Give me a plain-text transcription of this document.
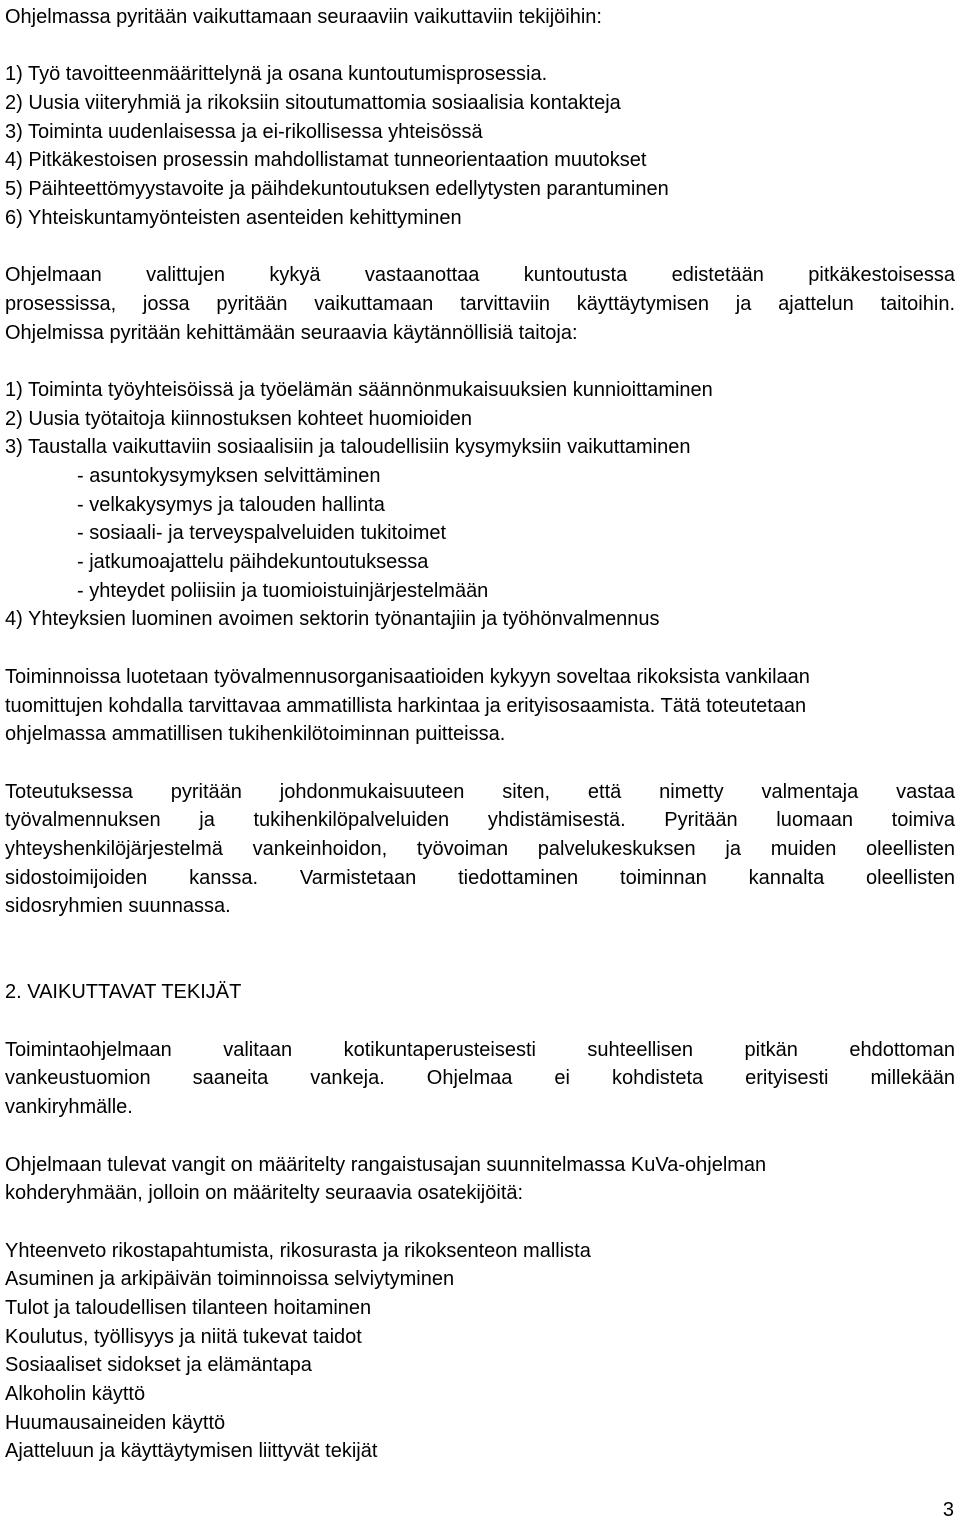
Ohjelmassa pyritään vaikuttamaan seuraaviin vaikuttaviin tekijöihin:
1) Työ tavoitteenmäärittelynä ja osana kuntoutumisprosessia.
2) Uusia viiteryhmiä ja rikoksiin sitoutumattomia sosiaalisia kontakteja
3) Toiminta uudenlaisessa ja ei-rikollisessa yhteisössä
4) Pitkäkestoisen prosessin mahdollistamat tunneorientaation muutokset
5) Päihteettömyystavoite ja päihdekuntoutuksen edellytysten parantuminen
6) Yhteiskuntamyönteisten asenteiden kehittyminen
Ohjelmaan valittujen kykyä vastaanottaa kuntoutusta edistetään pitkäkestoisessa
prosessissa, jossa pyritään vaikuttamaan tarvittaviin käyttäytymisen ja ajattelun taitoihin.
Ohjelmissa pyritään kehittämään seuraavia käytännöllisiä taitoja:
1) Toiminta työyhteisöissä ja työelämän säännönmukaisuuksien kunnioittaminen
2) Uusia työtaitoja kiinnostuksen kohteet huomioiden
3) Taustalla vaikuttaviin sosiaalisiin ja taloudellisiin kysymyksiin vaikuttaminen
- asuntokysymyksen selvittäminen
- velkakysymys ja talouden hallinta
- sosiaali- ja terveyspalveluiden tukitoimet
- jatkumoajattelu päihdekuntoutuksessa
- yhteydet poliisiin ja tuomioistuinjärjestelmään
4) Yhteyksien luominen avoimen sektorin työnantajiin ja työhönvalmennus
Toiminnoissa luotetaan työvalmennusorganisaatioiden kykyyn soveltaa rikoksista vankilaan
tuomittujen kohdalla tarvittavaa ammatillista harkintaa ja erityisosaamista. Tätä toteutetaan
ohjelmassa ammatillisen tukihenkilötoiminnan puitteissa.
Toteutuksessa pyritään johdonmukaisuuteen siten, että nimetty valmentaja vastaa
työvalmennuksen ja tukihenkilöpalveluiden yhdistämisestä. Pyritään luomaan toimiva
yhteyshenkilöjärjestelmä vankeinhoidon, työvoiman palvelukeskuksen ja muiden oleellisten
sidostoimijoiden kanssa. Varmistetaan tiedottaminen toiminnan kannalta oleellisten
sidosryhmien suunnassa.
2. VAIKUTTAVAT TEKIJÄT
Toimintaohjelmaan valitaan kotikuntaperusteisesti suhteellisen pitkän ehdottoman
vankeustuomion saaneita vankeja. Ohjelmaa ei kohdisteta erityisesti millekään
vankiryhmälle.
Ohjelmaan tulevat vangit on määritelty rangaistusajan suunnitelmassa KuVa-ohjelman
kohderyhmään, jolloin on määritelty seuraavia osatekijöitä:
Yhteenveto rikostapahtumista, rikosurasta ja rikoksenteon mallista
Asuminen ja arkipäivän toiminnoissa selviytyminen
Tulot ja taloudellisen tilanteen hoitaminen
Koulutus, työllisyys ja niitä tukevat taidot
Sosiaaliset sidokset ja elämäntapa
Alkoholin käyttö
Huumausaineiden käyttö
Ajatteluun ja käyttäytymisen liittyvät tekijät
3
